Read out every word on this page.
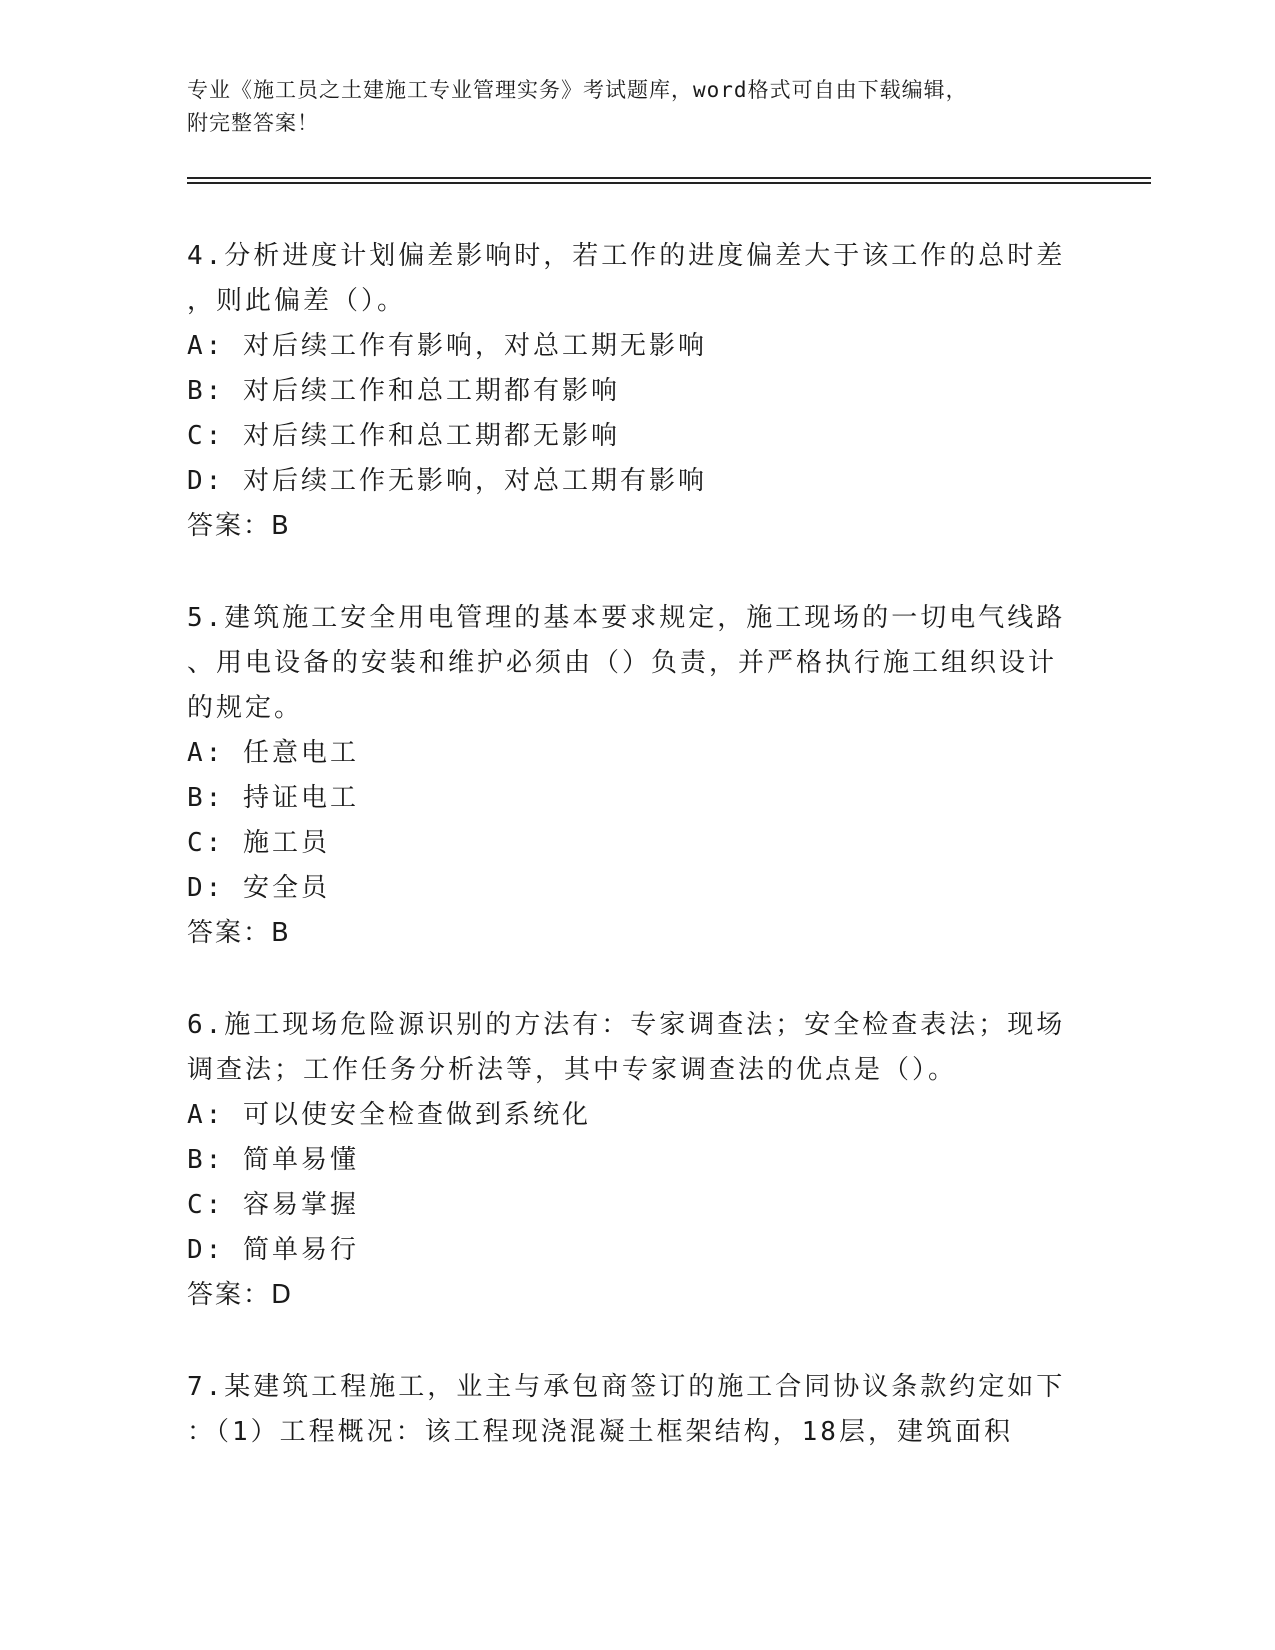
专业《施工员之土建施工专业管理实务》考试题库，word格式可自由下载编辑，
附完整答案！

4.分析进度计划偏差影响时，若工作的进度偏差大于该工作的总时差

，则此偏差（）。

A: 对后续工作有影响，对总工期无影响

B: 对后续工作和总工期都有影响

C: 对后续工作和总工期都无影响

D: 对后续工作无影响，对总工期有影响

答案：B

5.建筑施工安全用电管理的基本要求规定，施工现场的一切电气线路

、用电设备的安装和维护必须由（）负责，并严格执行施工组织设计

的规定。

A: 任意电工

B: 持证电工

C: 施工员

D: 安全员

答案：B

6.施工现场危险源识别的方法有：专家调查法；安全检查表法；现场

调查法；工作任务分析法等，其中专家调查法的优点是（）。

A: 可以使安全检查做到系统化

B: 简单易懂

C: 容易掌握

D: 简单易行

答案：D

7.某建筑工程施工，业主与承包商签订的施工合同协议条款约定如下

：（1）工程概况：该工程现浇混凝土框架结构，18层，建筑面积
